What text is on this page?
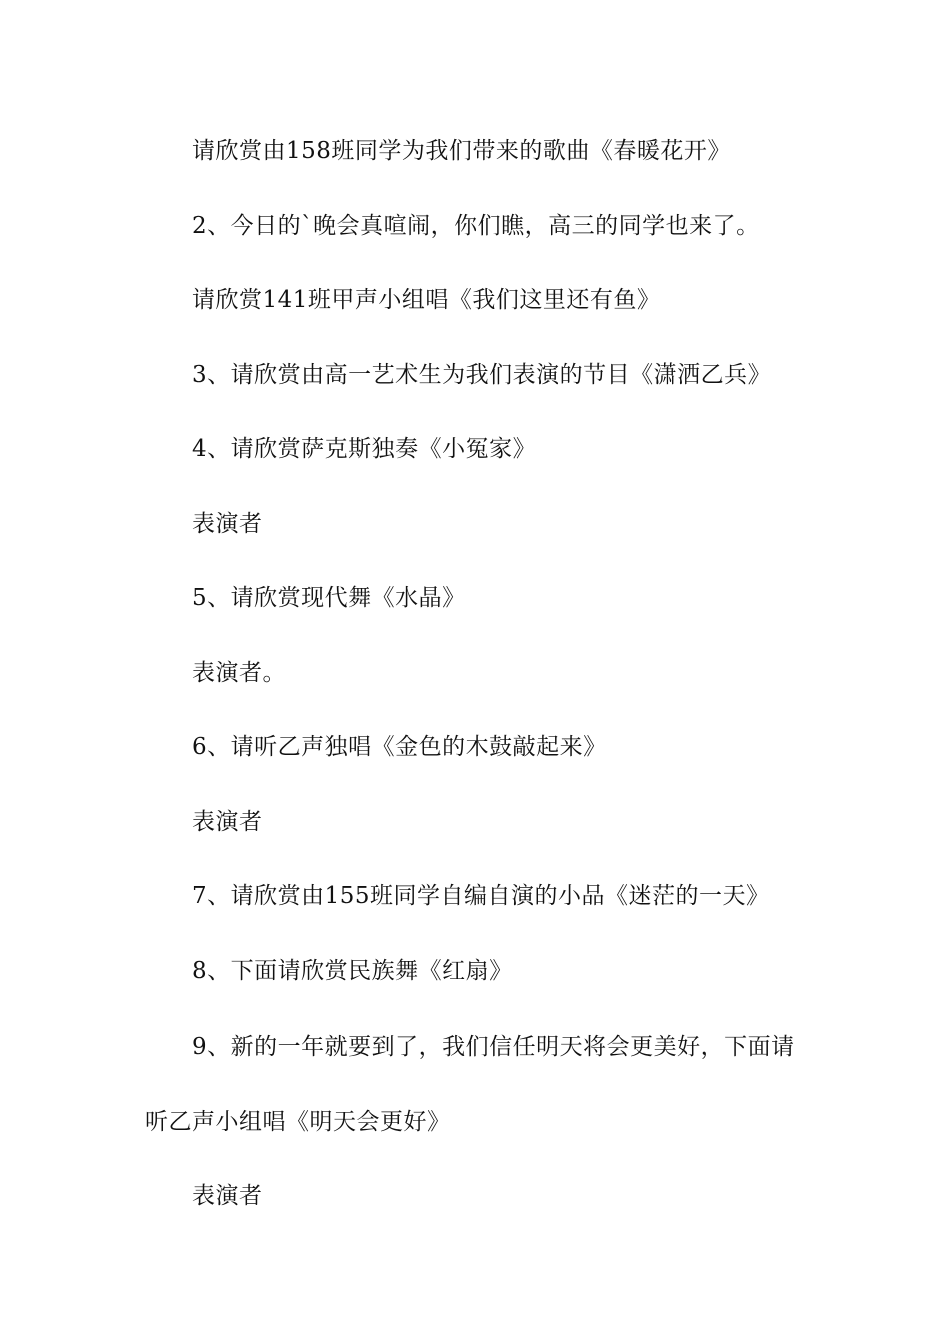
请欣赏由158班同学为我们带来的歌曲《春暖花开》
2、今日的`晚会真喧闹，你们瞧，高三的同学也来了。
请欣赏141班甲声小组唱《我们这里还有鱼》
3、请欣赏由高一艺术生为我们表演的节目《潇洒乙兵》
4、请欣赏萨克斯独奏《小冤家》
表演者
5、请欣赏现代舞《水晶》
表演者。
6、请听乙声独唱《金色的木鼓敲起来》
表演者
7、请欣赏由155班同学自编自演的小品《迷茫的一天》
8、下面请欣赏民族舞《红扇》
9、新的一年就要到了，我们信任明天将会更美好，下面请
听乙声小组唱《明天会更好》
表演者
